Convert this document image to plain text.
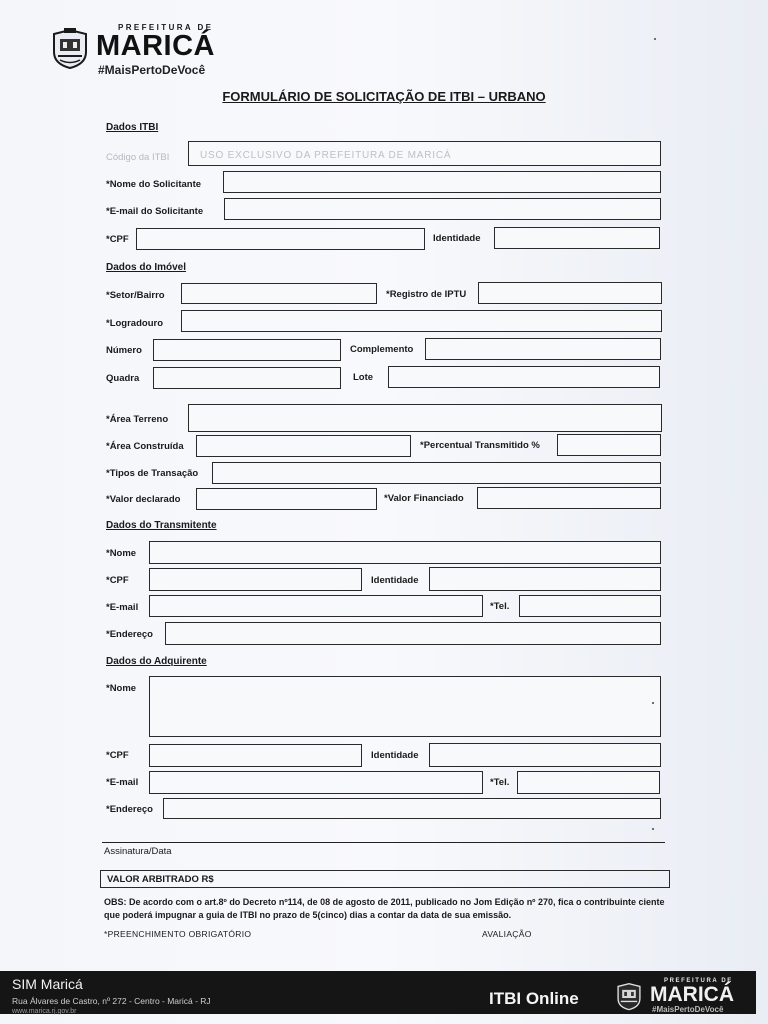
PREFEITURA DE
MARICÁ
#MaisPertoDeVocê
FORMULÁRIO DE SOLICITAÇÃO DE ITBI – URBANO
Dados ITBI
Código da ITBI	USO EXCLUSIVO DA PREFEITURA DE MARICÁ
*Nome do Solicitante
*E-mail do Solicitante
*CPF	Identidade
Dados do Imóvel
*Setor/Bairro	*Registro de IPTU
*Logradouro
Número	Complemento
Quadra	Lote
*Área Terreno
*Área Construída	*Percentual Transmitido %
*Tipos de Transação
*Valor declarado	*Valor Financiado
Dados do Transmitente
*Nome
*CPF	Identidade
*E-mail	*Tel.
*Endereço
Dados do Adquirente
*Nome
*CPF	Identidade
*E-mail	*Tel.
*Endereço
Assinatura/Data
VALOR ARBITRADO R$
OBS: De acordo com o art.8º do Decreto nº114, de 08 de agosto de 2011, publicado no Jom Edição nº 270, fica o contribuinte ciente que poderá impugnar a guia de ITBI no prazo de 5(cinco) dias a contar da data de sua emissão.
*PREENCHIMENTO OBRIGATÓRIO	AVALIAÇÃO
SIM Maricá
Rua Álvares de Castro, nº 272 - Centro - Maricá - RJ
www.marica.rj.gov.br
ITBI Online
PREFEITURA DE
MARICÁ
#MaisPertoDeVocê
